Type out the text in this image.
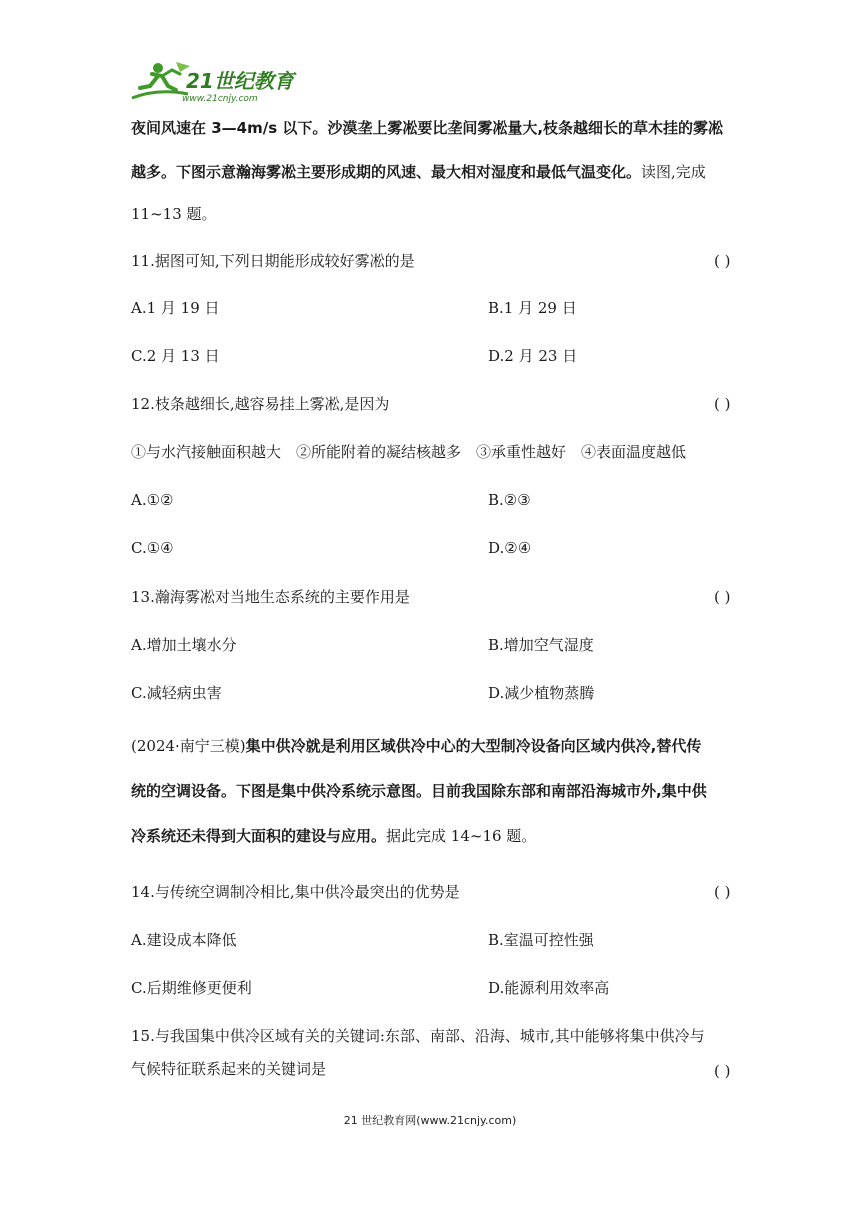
21世纪教育
www.21cnjy.com
夜间风速在 3—4m/s 以下。沙漠垄上雾凇要比垄间雾凇量大,枝条越细长的草木挂的雾凇
越多。下图示意瀚海雾凇主要形成期的风速、最大相对湿度和最低气温变化。读图,完成
11~13 题。
11.据图可知,下列日期能形成较好雾凇的是	( )
A.1 月 19 日	B.1 月 29 日
C.2 月 13 日	D.2 月 23 日
12.枝条越细长,越容易挂上雾凇,是因为	( )
①与水汽接触面积越大　②所能附着的凝结核越多　③承重性越好　④表面温度越低
A.①②	B.②③
C.①④	D.②④
13.瀚海雾凇对当地生态系统的主要作用是	( )
A.增加土壤水分	B.增加空气湿度
C.减轻病虫害	D.减少植物蒸腾
(2024·南宁三模)集中供冷就是利用区域供冷中心的大型制冷设备向区域内供冷,替代传
统的空调设备。下图是集中供冷系统示意图。目前我国除东部和南部沿海城市外,集中供
冷系统还未得到大面积的建设与应用。据此完成 14~16 题。
14.与传统空调制冷相比,集中供冷最突出的优势是	( )
A.建设成本降低	B.室温可控性强
C.后期维修更便利	D.能源利用效率高
15.与我国集中供冷区域有关的关键词:东部、南部、沿海、城市,其中能够将集中供冷与
气候特征联系起来的关键词是	( )
21 世纪教育网(www.21cnjy.com)
